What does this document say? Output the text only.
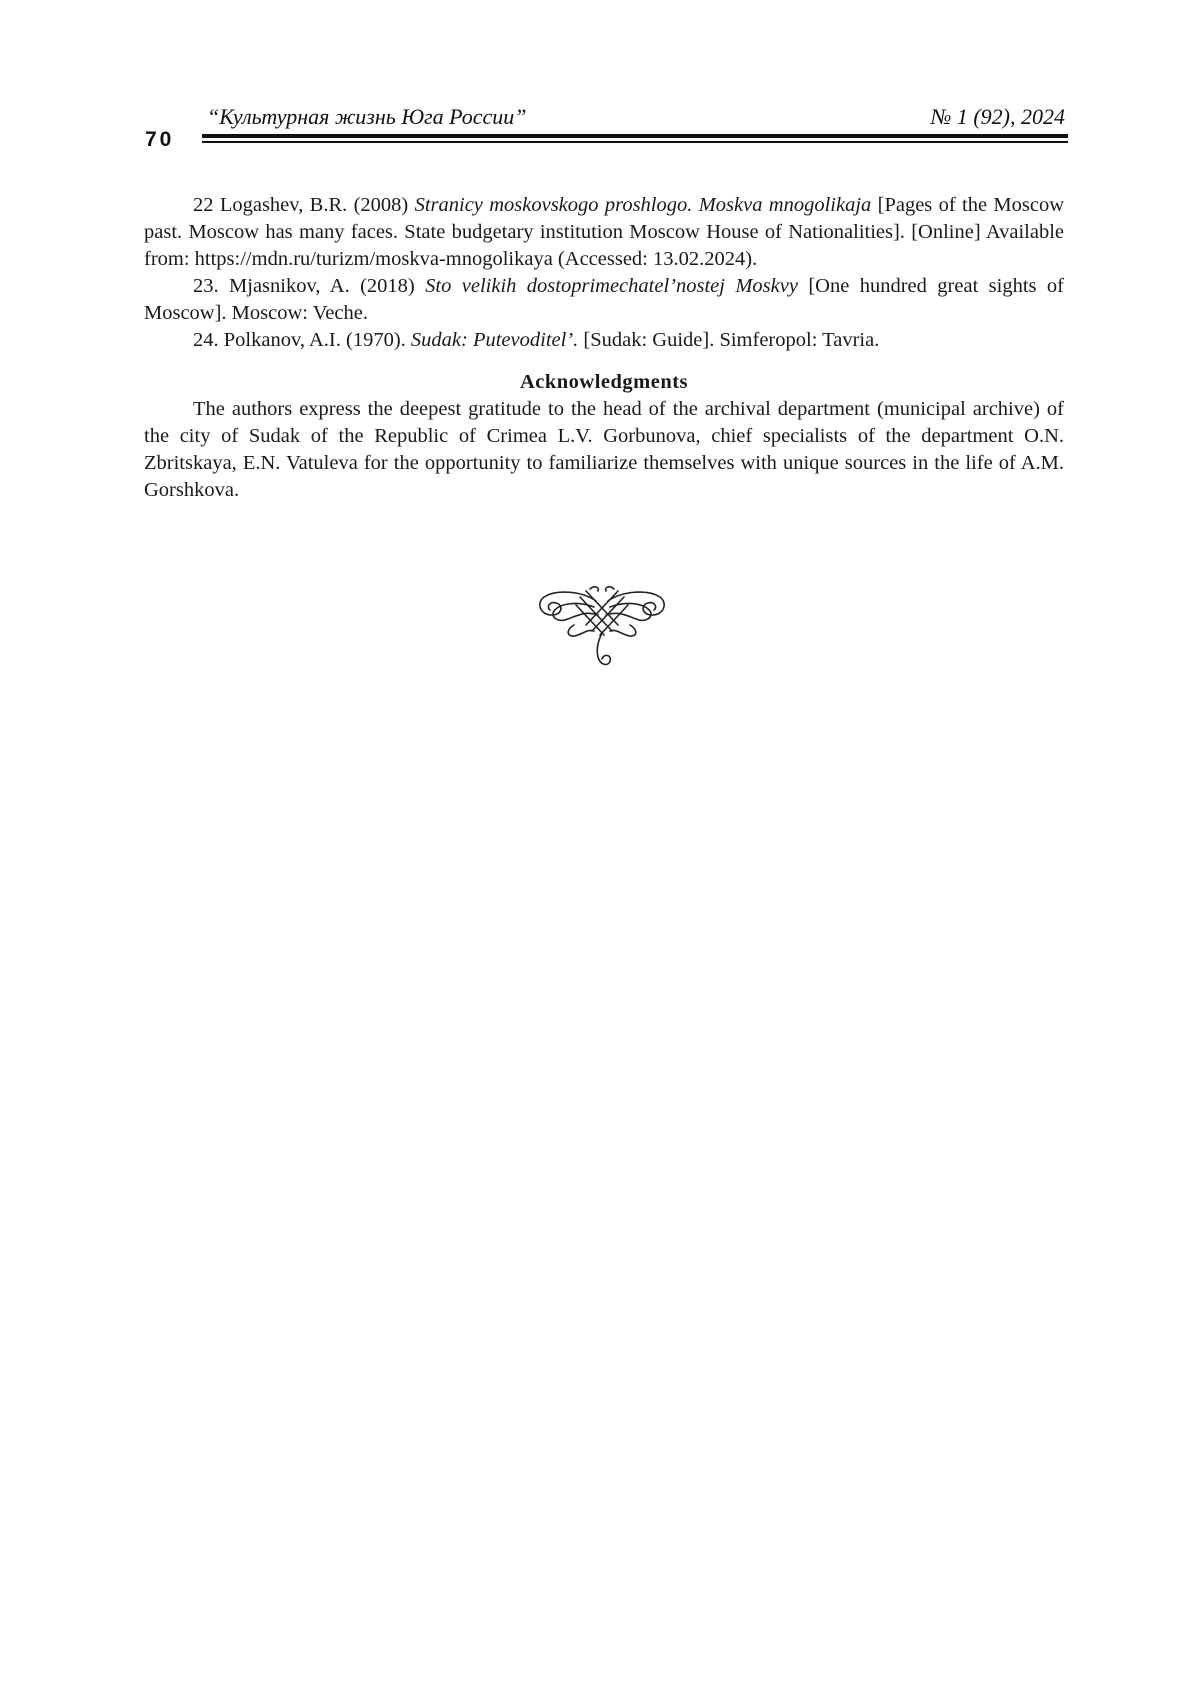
70
“Культурная жизнь Юга России”	№ 1 (92), 2024

22 Logashev, B.R. (2008) Stranicy moskovskogo proshlogo. Moskva mnogolikaja [Pages of the Moscow past. Moscow has many faces. State budgetary institution Moscow House of Nationalities]. [Online] Available from: https://mdn.ru/turizm/moskva-mnogolikaya (Accessed: 13.02.2024).

23. Mjasnikov, A. (2018) Sto velikih dostoprimechatel’nostej Moskvy [One hundred great sights of Moscow]. Moscow: Veche.

24. Polkanov, A.I. (1970). Sudak: Putevoditel’. [Sudak: Guide]. Simferopol: Tavria.

Acknowledgments

The authors express the deepest gratitude to the head of the archival department (municipal archive) of the city of Sudak of the Republic of Crimea L.V. Gorbunova, chief specialists of the department O.N. Zbritskaya, E.N. Vatuleva for the opportunity to familiarize themselves with unique sources in the life of A.M. Gorshkova.
